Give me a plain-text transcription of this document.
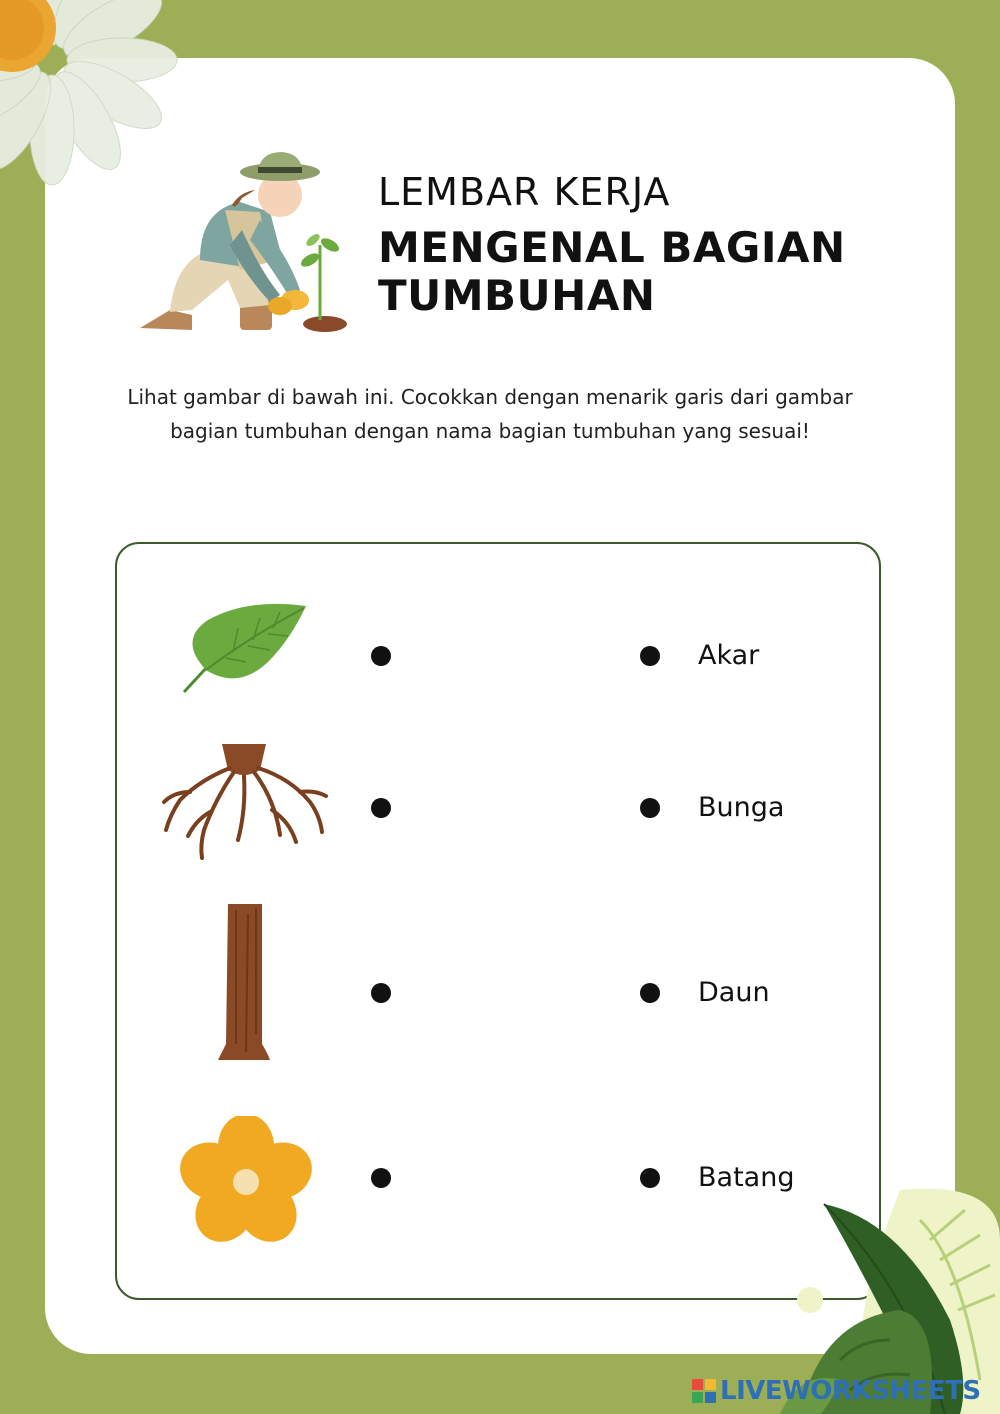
LEMBAR KERJA
MENGENAL BAGIAN
TUMBUHAN
Lihat gambar di bawah ini. Cocokkan dengan menarik garis dari gambar
bagian tumbuhan dengan nama bagian tumbuhan yang sesuai!
Akar
Bunga
Daun
Batang
LIVEWORKSHEETS
